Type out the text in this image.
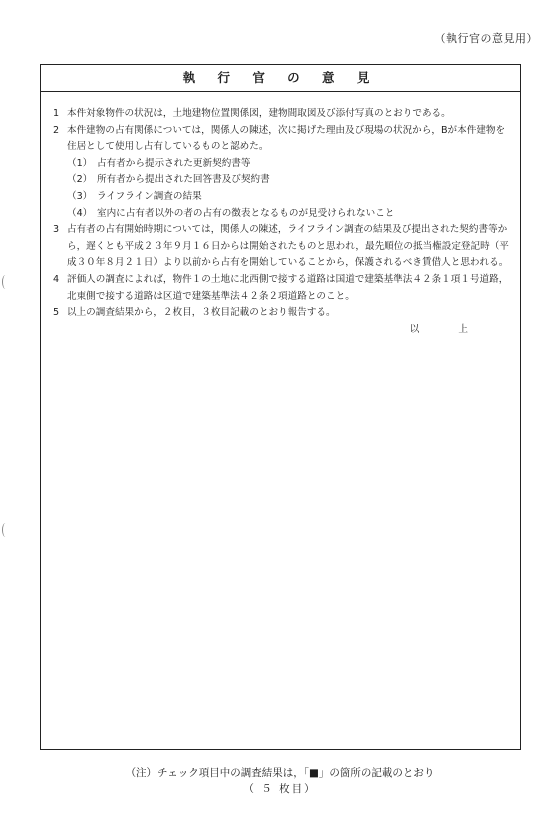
（執行官の意見用）
執 行 官 の 意 見
1 本件対象物件の状況は，土地建物位置関係図，建物間取図及び添付写真のとおりである。
2 本件建物の占有関係については，関係人の陳述，次に掲げた理由及び現場の状況から，Bが本件建物を住居として使用し占有しているものと認めた。
（1） 占有者から提示された更新契約書等
（2） 所有者から提出された回答書及び契約書
（3） ライフライン調査の結果
（4） 室内に占有者以外の者の占有の徴表となるものが見受けられないこと
3 占有者の占有開始時期については，関係人の陳述，ライフライン調査の結果及び提出された契約書等から，遅くとも平成２３年９月１６日からは開始されたものと思われ，最先順位の抵当権設定登記時（平成３０年８月２１日）より以前から占有を開始していることから，保護されるべき賃借人と思われる。
4 評価人の調査によれば，物件１の土地に北西側で接する道路は国道で建築基準法４２条１項１号道路，北東側で接する道路は区道で建築基準法４２条２項道路とのこと。
5 以上の調査結果から，２枚目，３枚目記載のとおり報告する。
以 上
（注）チェック項目中の調査結果は，「■」の箇所の記載のとおり
（ ５ 枚目）
